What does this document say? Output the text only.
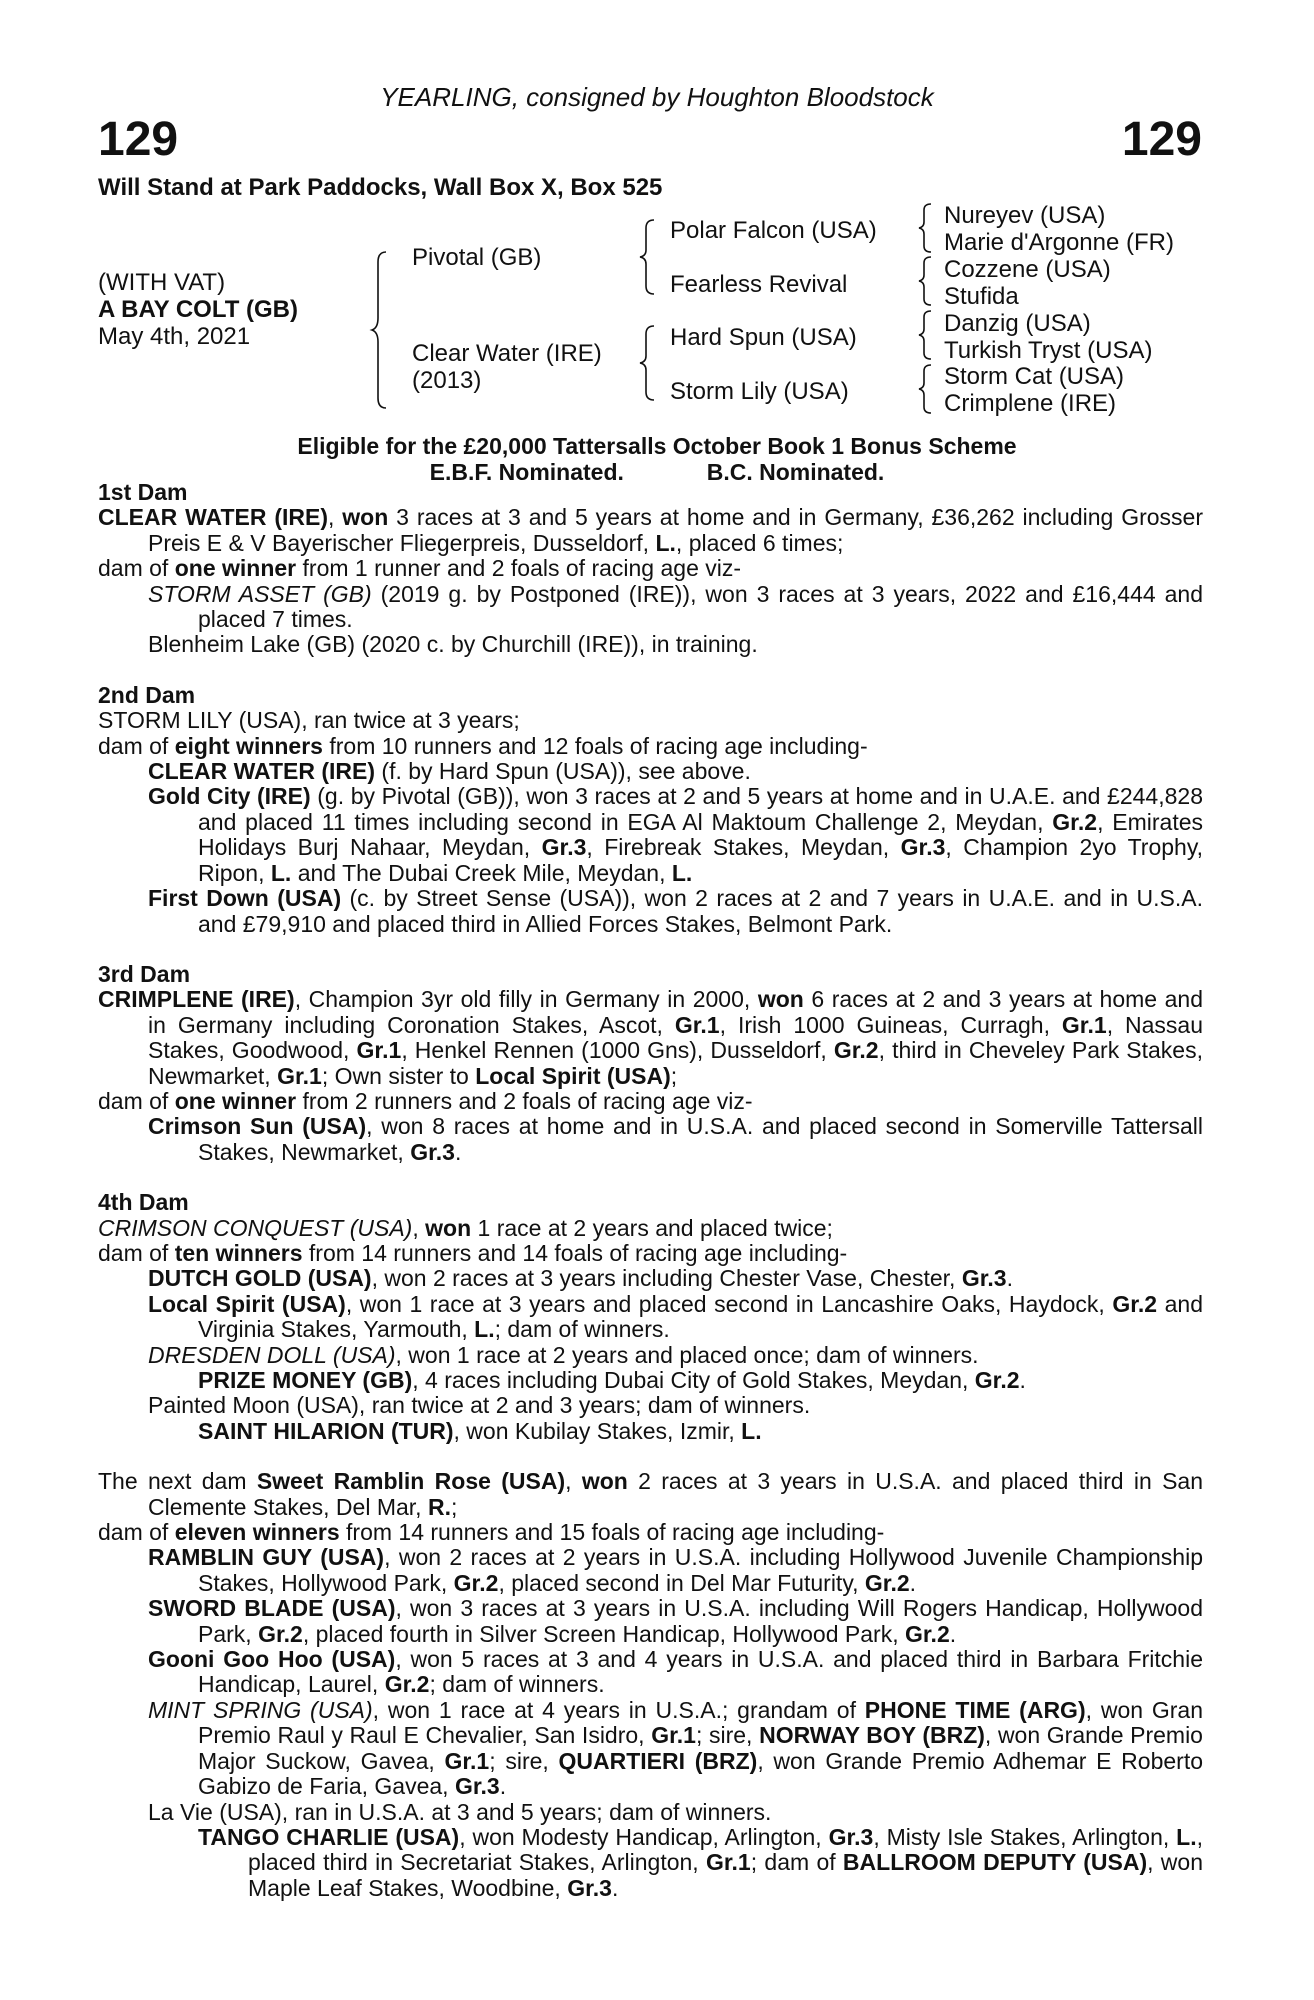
YEARLING, consigned by Houghton Bloodstock
129	129
Will Stand at Park Paddocks, Wall Box X, Box 525
(WITH VAT)
A BAY COLT (GB)
May 4th, 2021
Pivotal (GB)
Clear Water (IRE)
(2013)
Polar Falcon (USA)
Fearless Revival
Hard Spun (USA)
Storm Lily (USA)
Nureyev (USA)
Marie d'Argonne (FR)
Cozzene (USA)
Stufida
Danzig (USA)
Turkish Tryst (USA)
Storm Cat (USA)
Crimplene (IRE)
Eligible for the £20,000 Tattersalls October Book 1 Bonus Scheme
E.B.F. Nominated.	B.C. Nominated.
1st Dam

CLEAR WATER (IRE), won 3 races at 3 and 5 years at home and in Germany, £36,262 including Grosser Preis E & V Bayerischer Fliegerpreis, Dusseldorf, L., placed 6 times;

dam of one winner from 1 runner and 2 foals of racing age viz-

STORM ASSET (GB) (2019 g. by Postponed (IRE)), won 3 races at 3 years, 2022 and £16,444 and placed 7 times.

Blenheim Lake (GB) (2020 c. by Churchill (IRE)), in training.

2nd Dam

STORM LILY (USA), ran twice at 3 years;

dam of eight winners from 10 runners and 12 foals of racing age including-

CLEAR WATER (IRE) (f. by Hard Spun (USA)), see above.

Gold City (IRE) (g. by Pivotal (GB)), won 3 races at 2 and 5 years at home and in U.A.E. and £244,828 and placed 11 times including second in EGA Al Maktoum Challenge 2, Meydan, Gr.2, Emirates Holidays Burj Nahaar, Meydan, Gr.3, Firebreak Stakes, Meydan, Gr.3, Champion 2yo Trophy, Ripon, L. and The Dubai Creek Mile, Meydan, L.

First Down (USA) (c. by Street Sense (USA)), won 2 races at 2 and 7 years in U.A.E. and in U.S.A. and £79,910 and placed third in Allied Forces Stakes, Belmont Park.

3rd Dam

CRIMPLENE (IRE), Champion 3yr old filly in Germany in 2000, won 6 races at 2 and 3 years at home and in Germany including Coronation Stakes, Ascot, Gr.1, Irish 1000 Guineas, Curragh, Gr.1, Nassau Stakes, Goodwood, Gr.1, Henkel Rennen (1000 Gns), Dusseldorf, Gr.2, third in Cheveley Park Stakes, Newmarket, Gr.1; Own sister to Local Spirit (USA);

dam of one winner from 2 runners and 2 foals of racing age viz-

Crimson Sun (USA), won 8 races at home and in U.S.A. and placed second in Somerville Tattersall Stakes, Newmarket, Gr.3.

4th Dam

CRIMSON CONQUEST (USA), won 1 race at 2 years and placed twice;

dam of ten winners from 14 runners and 14 foals of racing age including-

DUTCH GOLD (USA), won 2 races at 3 years including Chester Vase, Chester, Gr.3.

Local Spirit (USA), won 1 race at 3 years and placed second in Lancashire Oaks, Haydock, Gr.2 and Virginia Stakes, Yarmouth, L.; dam of winners.

DRESDEN DOLL (USA), won 1 race at 2 years and placed once; dam of winners.

PRIZE MONEY (GB), 4 races including Dubai City of Gold Stakes, Meydan, Gr.2.

Painted Moon (USA), ran twice at 2 and 3 years; dam of winners.

SAINT HILARION (TUR), won Kubilay Stakes, Izmir, L.

The next dam Sweet Ramblin Rose (USA), won 2 races at 3 years in U.S.A. and placed third in San Clemente Stakes, Del Mar, R.;

dam of eleven winners from 14 runners and 15 foals of racing age including-

RAMBLIN GUY (USA), won 2 races at 2 years in U.S.A. including Hollywood Juvenile Championship Stakes, Hollywood Park, Gr.2, placed second in Del Mar Futurity, Gr.2.

SWORD BLADE (USA), won 3 races at 3 years in U.S.A. including Will Rogers Handicap, Hollywood Park, Gr.2, placed fourth in Silver Screen Handicap, Hollywood Park, Gr.2.

Gooni Goo Hoo (USA), won 5 races at 3 and 4 years in U.S.A. and placed third in Barbara Fritchie Handicap, Laurel, Gr.2; dam of winners.

MINT SPRING (USA), won 1 race at 4 years in U.S.A.; grandam of PHONE TIME (ARG), won Gran Premio Raul y Raul E Chevalier, San Isidro, Gr.1; sire, NORWAY BOY (BRZ), won Grande Premio Major Suckow, Gavea, Gr.1; sire, QUARTIERI (BRZ), won Grande Premio Adhemar E Roberto Gabizo de Faria, Gavea, Gr.3.

La Vie (USA), ran in U.S.A. at 3 and 5 years; dam of winners.

TANGO CHARLIE (USA), won Modesty Handicap, Arlington, Gr.3, Misty Isle Stakes, Arlington, L., placed third in Secretariat Stakes, Arlington, Gr.1; dam of BALLROOM DEPUTY (USA), won Maple Leaf Stakes, Woodbine, Gr.3.
